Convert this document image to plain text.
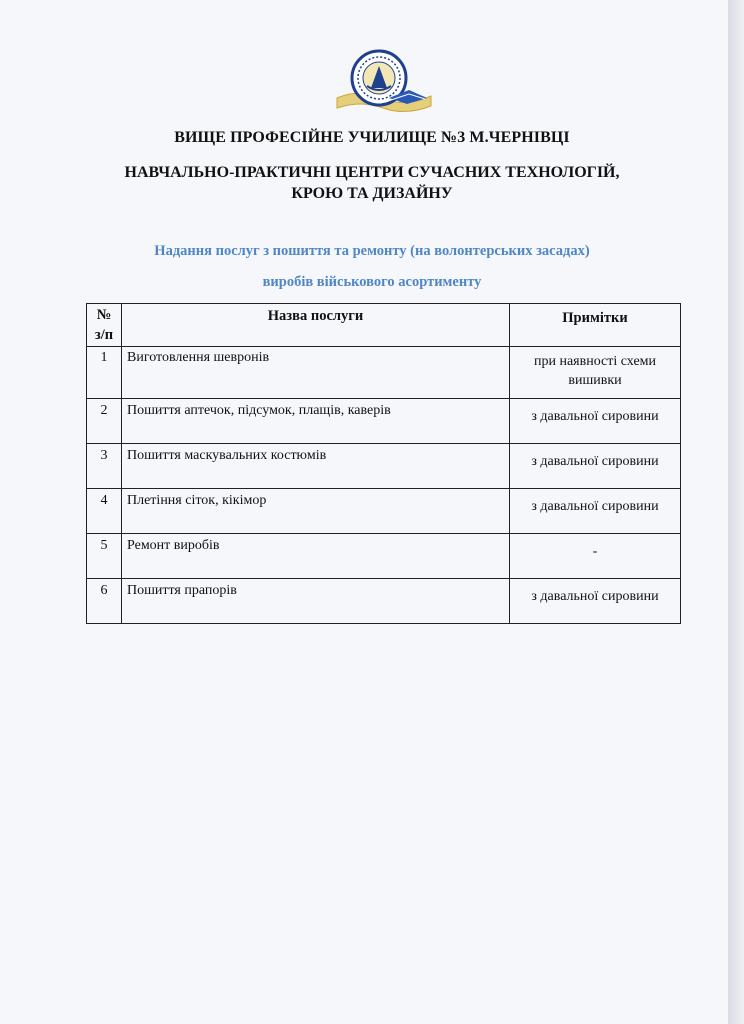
ВИЩЕ ПРОФЕСІЙНЕ УЧИЛИЩЕ №3 М.ЧЕРНІВЦІ
НАВЧАЛЬНО-ПРАКТИЧНІ ЦЕНТРИ СУЧАСНИХ ТЕХНОЛОГІЙ,
КРОЮ ТА ДИЗАЙНУ
Надання послуг з пошиття та ремонту (на волонтерських засадах)
виробів військового асортименту
№
з/п	Назва послуги	Примітки
1	Виготовлення шевронів	при наявності схеми
вишивки

2	Пошиття аптечок, підсумок, плащів, каверів	з давальної сировини
3	Пошиття маскувальних костюмів	з давальної сировини
4	Плетіння сіток, кікімор	з давальної сировини
5	Ремонт виробів	-
6	Пошиття прапорів	з давальної сировини
